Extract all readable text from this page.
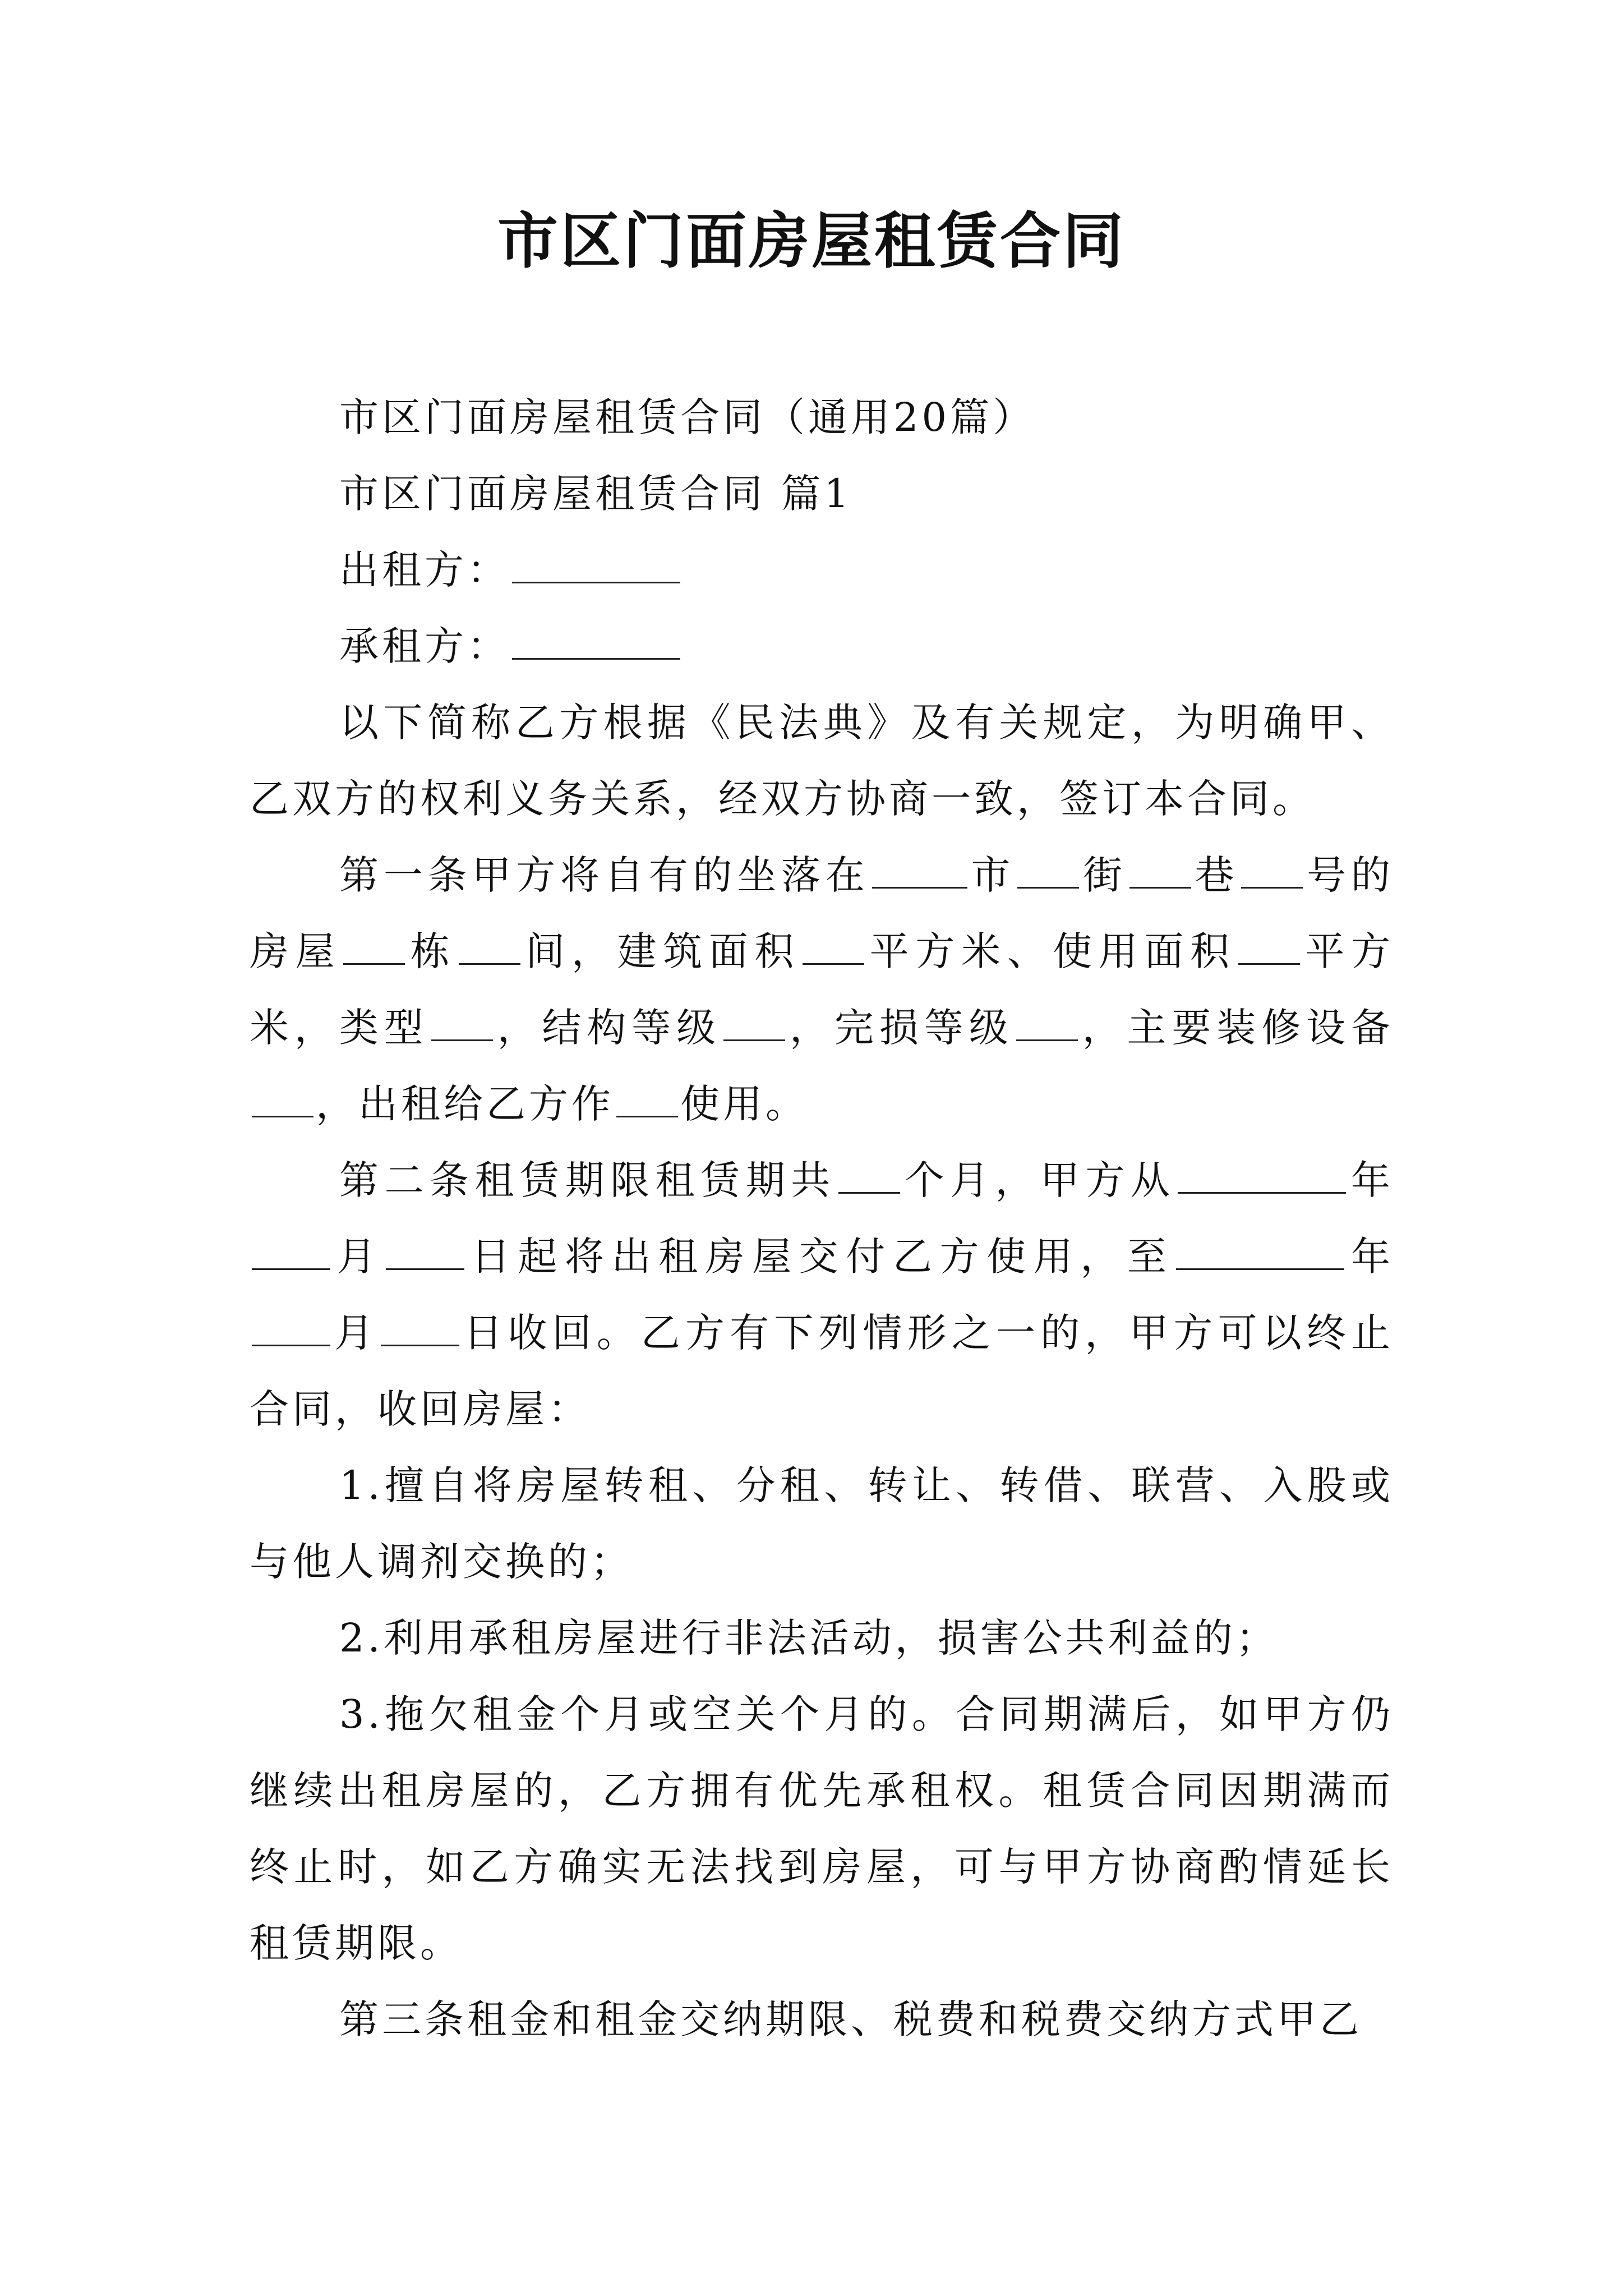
市区门面房屋租赁合同

市区门面房屋租赁合同（通用20篇）

市区门面房屋租赁合同 篇1

出租方：

承租方：

以下简称乙方根据《民法典》及有关规定，为明确甲、乙双方的权利义务关系，经双方协商一致，签订本合同。

第一条甲方将自有的坐落在	市 街 巷 号的房屋 栋 间，建筑面积 平方米、使用面积 平方米，类型 ，结构等级 ，完损等级 ，主要装修设备，出租给乙方作 使用。

第二条租赁期限租赁期共 个月，甲方从	年月 日起将出租房屋交付乙方使用，至	年月 日收回。乙方有下列情形之一的，甲方可以终止合同，收回房屋：

1.擅自将房屋转租、分租、转让、转借、联营、入股或与他人调剂交换的；

2.利用承租房屋进行非法活动，损害公共利益的；

3.拖欠租金个月或空关个月的。合同期满后，如甲方仍继续出租房屋的，乙方拥有优先承租权。租赁合同因期满而终止时，如乙方确实无法找到房屋，可与甲方协商酌情延长租赁期限。

第三条租金和租金交纳期限、税费和税费交纳方式甲乙
